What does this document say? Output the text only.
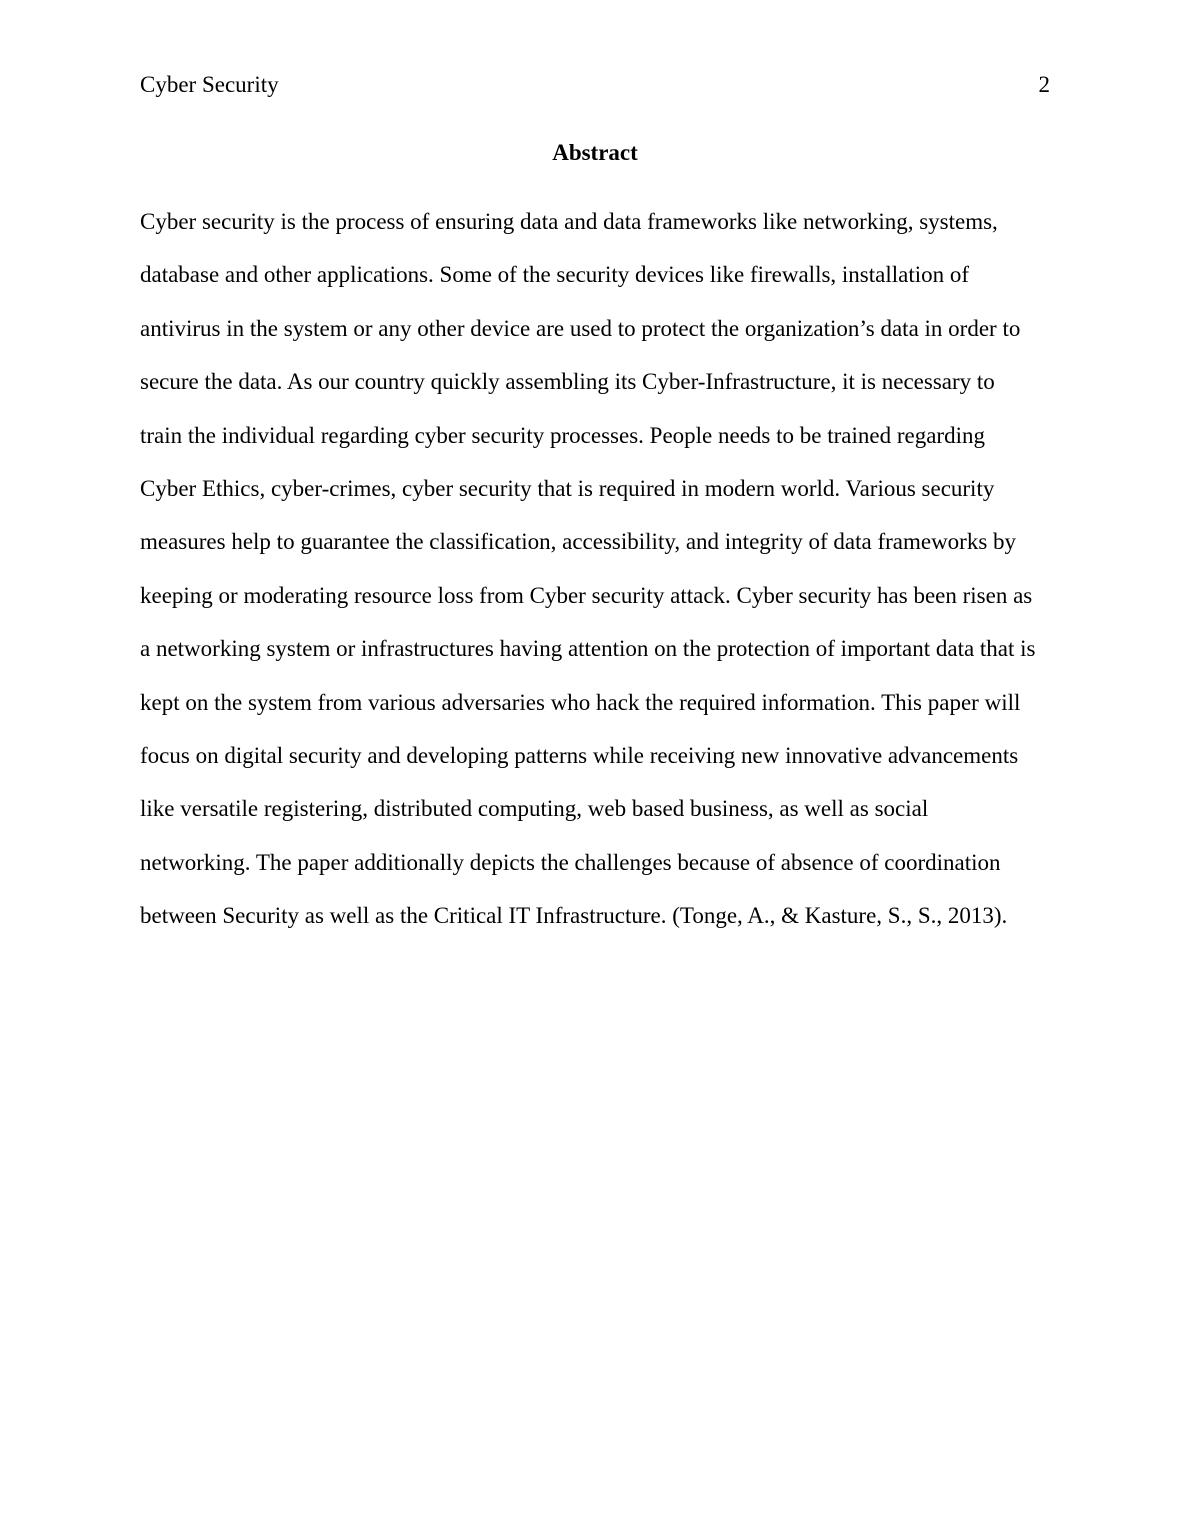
Cyber Security	2
Abstract
Cyber security is the process of ensuring data and data frameworks like networking, systems,
database and other applications. Some of the security devices like firewalls, installation of
antivirus in the system or any other device are used to protect the organization’s data in order to
secure the data. As our country quickly assembling its Cyber-Infrastructure, it is necessary to
train the individual regarding cyber security processes. People needs to be trained regarding
Cyber Ethics, cyber-crimes, cyber security that is required in modern world. Various security
measures help to guarantee the classification, accessibility, and integrity of data frameworks by
keeping or moderating resource loss from Cyber security attack. Cyber security has been risen as
a networking system or infrastructures having attention on the protection of important data that is
kept on the system from various adversaries who hack the required information. This paper will
focus on digital security and developing patterns while receiving new innovative advancements
like versatile registering, distributed computing, web based business, as well as social
networking. The paper additionally depicts the challenges because of absence of coordination
between Security as well as the Critical IT Infrastructure. (Tonge, A., & Kasture, S., S., 2013).
